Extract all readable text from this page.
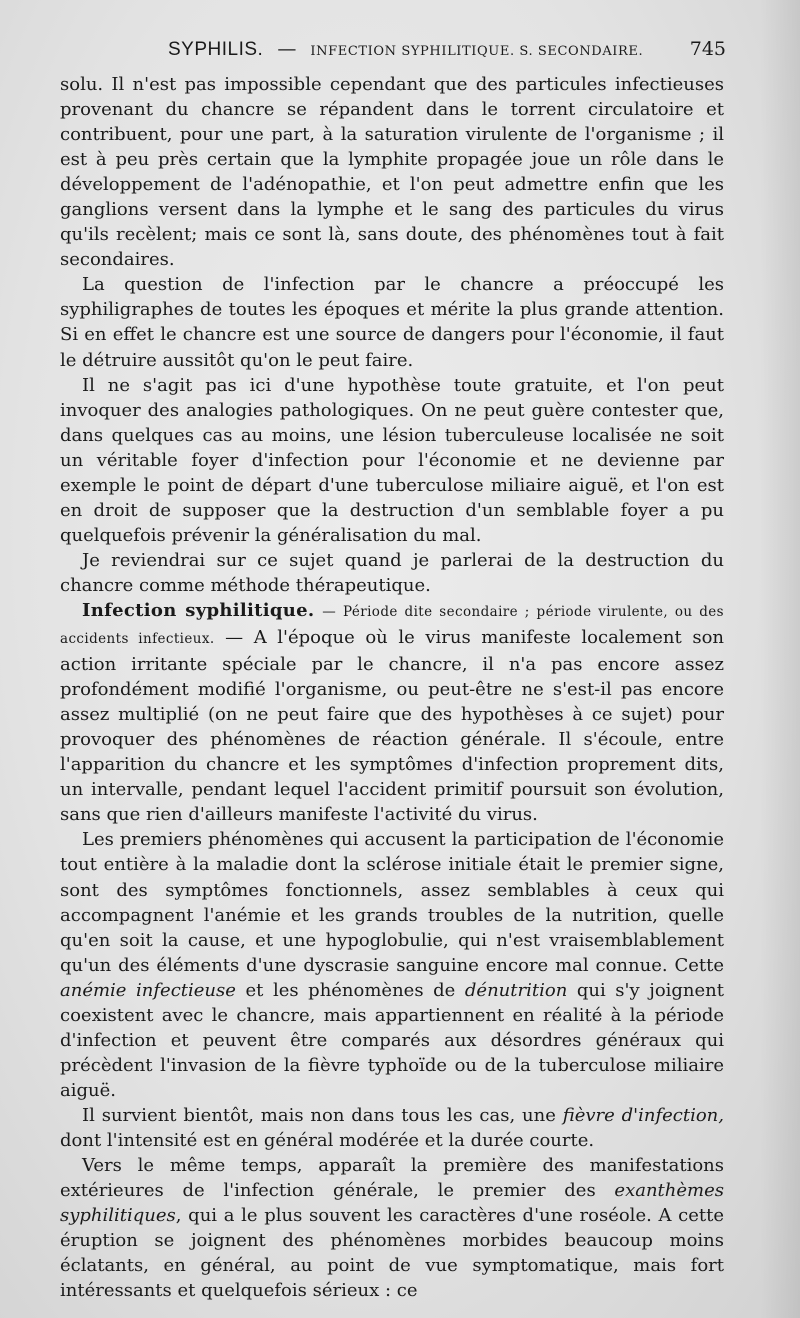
SYPHILIS. — INFECTION SYPHILITIQUE. S. SECONDAIRE. 745

solu. Il n'est pas impossible cependant que des particules infectieuses provenant du chancre se répandent dans le torrent circulatoire et contribuent, pour une part, à la saturation virulente de l'organisme ; il est à peu près certain que la lymphite propagée joue un rôle dans le développement de l'adénopathie, et l'on peut admettre enfin que les ganglions versent dans la lymphe et le sang des particules du virus qu'ils recèlent; mais ce sont là, sans doute, des phénomènes tout à fait secondaires.

La question de l'infection par le chancre a préoccupé les syphiligraphes de toutes les époques et mérite la plus grande attention. Si en effet le chancre est une source de dangers pour l'économie, il faut le détruire aussitôt qu'on le peut faire.

Il ne s'agit pas ici d'une hypothèse toute gratuite, et l'on peut invoquer des analogies pathologiques. On ne peut guère contester que, dans quelques cas au moins, une lésion tuberculeuse localisée ne soit un véritable foyer d'infection pour l'économie et ne devienne par exemple le point de départ d'une tuberculose miliaire aiguë, et l'on est en droit de supposer que la destruction d'un semblable foyer a pu quelquefois prévenir la généralisation du mal.

Je reviendrai sur ce sujet quand je parlerai de la destruction du chancre comme méthode thérapeutique.

Infection syphilitique. — Période dite secondaire ; période virulente, ou des accidents infectieux. — A l'époque où le virus manifeste localement son action irritante spéciale par le chancre, il n'a pas encore assez profondément modifié l'organisme, ou peut-être ne s'est-il pas encore assez multiplié (on ne peut faire que des hypothèses à ce sujet) pour provoquer des phénomènes de réaction générale. Il s'écoule, entre l'apparition du chancre et les symptômes d'infection proprement dits, un intervalle, pendant lequel l'accident primitif poursuit son évolution, sans que rien d'ailleurs manifeste l'activité du virus.

Les premiers phénomènes qui accusent la participation de l'économie tout entière à la maladie dont la sclérose initiale était le premier signe, sont des symptômes fonctionnels, assez semblables à ceux qui accompagnent l'anémie et les grands troubles de la nutrition, quelle qu'en soit la cause, et une hypoglobulie, qui n'est vraisemblablement qu'un des éléments d'une dyscrasie sanguine encore mal connue. Cette anémie infectieuse et les phénomènes de dénutrition qui s'y joignent coexistent avec le chancre, mais appartiennent en réalité à la période d'infection et peuvent être comparés aux désordres généraux qui précèdent l'invasion de la fièvre typhoïde ou de la tuberculose miliaire aiguë.

Il survient bientôt, mais non dans tous les cas, une fièvre d'infection, dont l'intensité est en général modérée et la durée courte.

Vers le même temps, apparaît la première des manifestations extérieures de l'infection générale, le premier des exanthèmes syphilitiques, qui a le plus souvent les caractères d'une roséole. A cette éruption se joignent des phénomènes morbides beaucoup moins éclatants, en général, au point de vue symptomatique, mais fort intéressants et quelquefois sérieux : ce
